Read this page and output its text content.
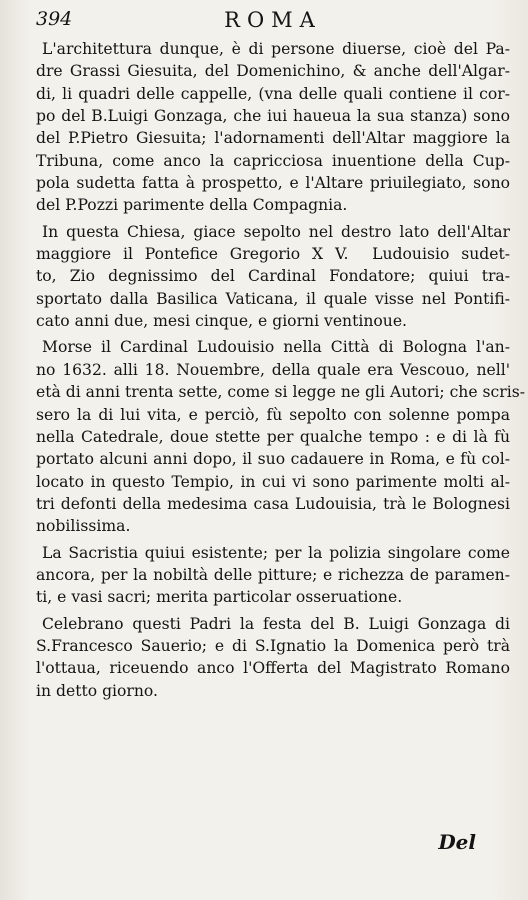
394	ROMA

L'architettura dunque, è di persone diuerse, cioè del Pa-
dre Grassi Giesuita, del Domenichino, & anche dell'Algar-
di, li quadri delle cappelle, (vna delle quali contiene il cor-
po del B.Luigi Gonzaga, che iui haueua la sua stanza) sono
del P.Pietro Giesuita; l'adornamenti dell'Altar maggiore la
Tribuna, come anco la capricciosa inuentione della Cup-
pola sudetta fatta à prospetto, e l'Altare priuilegiato, sono
del P.Pozzi parimente della Compagnia.

In questa Chiesa, giace sepolto nel destro lato dell'Altar
maggiore il Pontefice Gregorio X V.  Ludouisio sudet-
to, Zio degnissimo del Cardinal Fondatore; quiui tra-
sportato dalla Basilica Vaticana, il quale visse nel Pontifi-
cato anni due, mesi cinque, e giorni ventinoue.

Morse il Cardinal Ludouisio nella Città di Bologna l'an-
no 1632. alli 18. Nouembre, della quale era Vescouo, nell'
età di anni trenta sette, come si legge ne gli Autori; che scris-
sero la di lui vita, e perciò, fù sepolto con solenne pompa
nella Catedrale, doue stette per qualche tempo : e di là fù
portato alcuni anni dopo, il suo cadauere in Roma, e fù col-
locato in questo Tempio, in cui vi sono parimente molti al-
tri defonti della medesima casa Ludouisia, trà le Bolognesi
nobilissima.

La Sacristia quiui esistente; per la polizia singolare come
ancora, per la nobiltà delle pitture; e richezza de paramen-
ti, e vasi sacri; merita particolar osseruatione.

Celebrano questi Padri la festa del B. Luigi Gonzaga di
S.Francesco Sauerio; e di S.Ignatio la Domenica però trà
l'ottaua, riceuendo anco l'Offerta del Magistrato Romano
in detto giorno.

Del
